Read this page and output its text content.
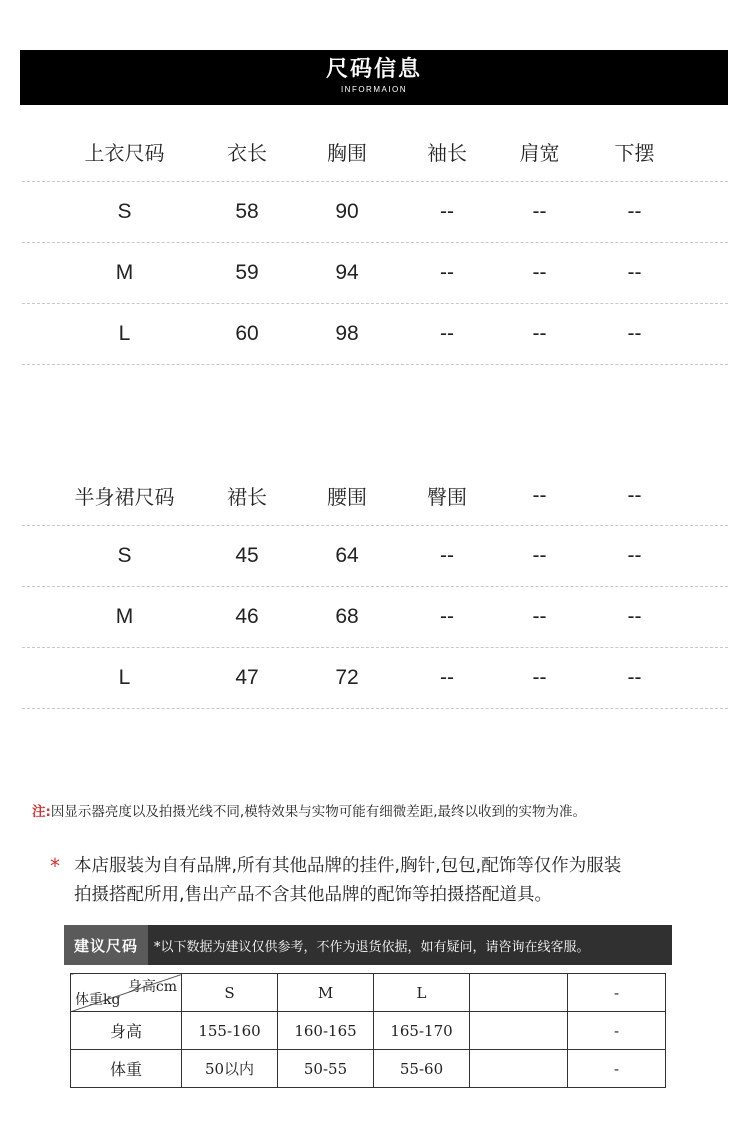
尺码信息
INFORMAION
上衣尺码	衣长	胸围	袖长	肩宽	下摆
S	58	90	--	--	--
M	59	94	--	--	--
L	60	98	--	--	--
半身裙尺码	裙长	腰围	臀围	--	--
S	45	64	--	--	--
M	46	68	--	--	--
L	47	72	--	--	--
注:因显示器亮度以及拍摄光线不同,模特效果与实物可能有细微差距,最终以收到的实物为准。
* 本店服装为自有品牌,所有其他品牌的挂件,胸针,包包,配饰等仅作为服装
拍摄搭配所用,售出产品不含其他品牌的配饰等拍摄搭配道具。
建议尺码	*以下数据为建议仅供参考，不作为退货依据，如有疑问，请咨询在线客服。
身高cm
体重kg	S	M	L		-
身高	155-160	160-165	165-170		-
体重	50以内	50-55	55-60		-
